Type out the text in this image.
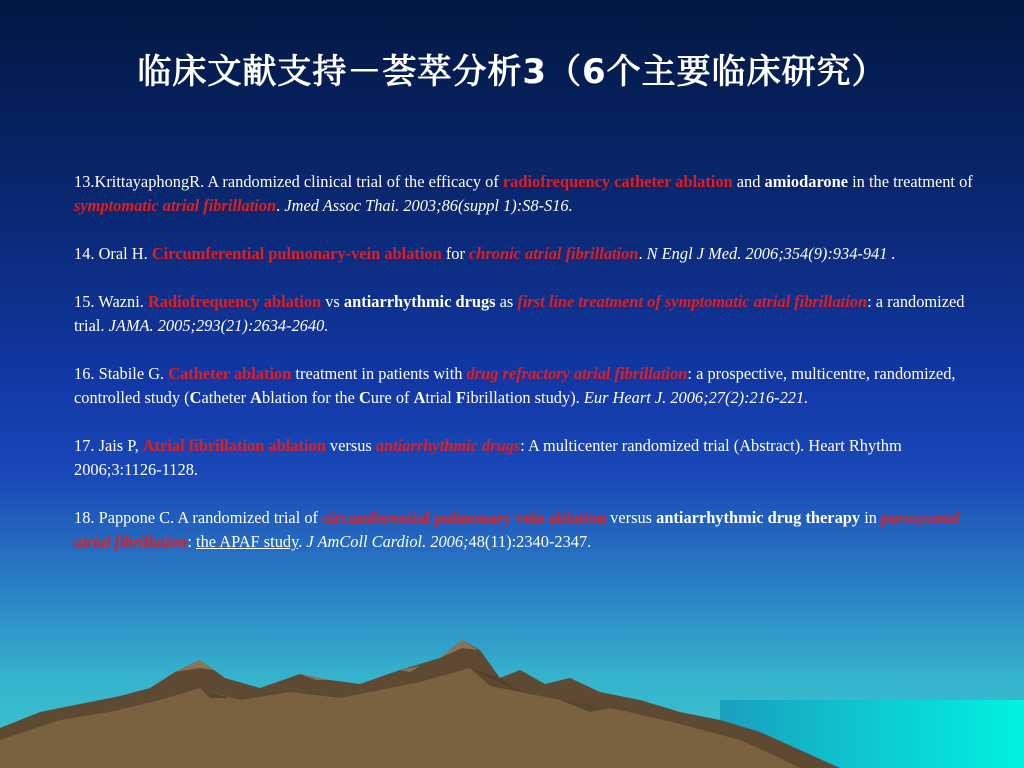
临床文献支持－荟萃分析3（6个主要临床研究）

13.KrittayaphongR. A randomized clinical trial of the efficacy of radiofrequency catheter ablation and amiodarone in the treatment of symptomatic atrial fibrillation. Jmed Assoc Thai. 2003;86(suppl 1):S8-S16.

14. Oral H. Circumferential pulmonary-vein ablation for chronic atrial fibrillation. N Engl J Med. 2006;354(9):934-941 .

15. Wazni. Radiofrequency ablation vs antiarrhythmic drugs as first line treatment of symptomatic atrial fibrillation: a randomized trial. JAMA. 2005;293(21):2634-2640.

16. Stabile G. Catheter ablation treatment in patients with drug refractory atrial fibrillation: a prospective, multicentre, randomized, controlled study (Catheter Ablation for the Cure of Atrial Fibrillation study). Eur Heart J. 2006;27(2):216-221.

17. Jais P, Atrial fibrillation ablation versus antiarrhythmic drugs: A multicenter randomized trial (Abstract). Heart Rhythm 2006;3:1126-1128.

18. Pappone C. A randomized trial of circumferential pulmonary vein ablation versus antiarrhythmic drug therapy in paroxysmal atrial fibrillation: the APAF study. J AmColl Cardiol. 2006;48(11):2340-2347.
